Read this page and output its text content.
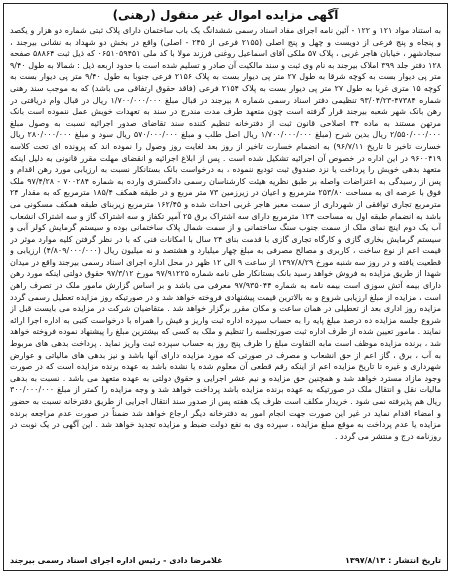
آگهی مزایده اموال غیر منقول (رهنی)

به استناد مواد ۱۲۱ و ۱۲۲ - آئین نامه اجرای مفاد اسناد رسمی ششدانگ یک باب ساختمان دارای پلاک ثبتی شماره دو هزار و یکصد و پنجاه و پنج فرعی از دویست و چهل و پنج اصلی (۲۱۵۵ فرعی از ۲۴۵ - اصلی) واقع در بخش دو شهداد به نشانی بیرجند ، سجادشهر ، خیابان هاجر غربی ، پلاک ۵۷ ملکی آقای اسماعیل روغنی فرزند مولا با کد ملی ۰۶۵۱۰۵۹۴۵۱ که ذیل ثبت ۵۸۸۶۴ صفحه ۱۲۸ دفتر جلد ۳۹۹ املاک بیرجند به نام وی ثبت و سند مالکیت آن صادر و تسلیم شده است با حدود اربعه ذیل : شمالا به طول ۹/۴۰ متر پی دیوار بست به کوچه شرقا به طول ۲۷ متر پی دیوار بست به پلاک ۲۱۵۶ فرعی جنوبا به طول ۹/۴۰ متر پی دیوار بست به کوچه ۱۵ متری غربا به طول ۲۷ متر پی دیوار بست به پلاک ۲۱۵۴ فرعی (فاقد حقوق ارتفاقی می باشد) که به موجب سند رهنی شماره ۴۷۳۸۴-۹۳/۰۴/۲۳ تنظیمی دفتر اسناد رسمی شماره ۸ بیرجند در قبال مبلغ ۱/۷۰۰/۰۰۰/۰۰۰ ریال در قبال وام دریافتی در رهن بانک شهر شعبه بیرجند قرار گرفته است چون متعهد طرف مدت مندرج در سند به تعهدات خویش عمل ننموده است بانک مرتهن مستند به ماده ۳۴ اصلاحی قانون ثبت از دفترخانه تنظیم کننده سند تقاضای صدور اجرائیه نسبت به وصول مبلغ ۲/۵۵۰/۰۰۰/۰۰۰ ریال بدین شرح (مبلغ ۱/۷۰۰/۰۰۰/۰۰۰ ریال اصل طلب و مبلغ ۵۷۰/۰۰۰/۰۰۰ ریال سود و مبلغ ۲۸۰/۰۰۰/۰۰۰ ریال خسارت تاخیر تا تاریخ ۹۶/۷/۱۱) به انضمام خسارت تاخیر از روز بعد لغایت روز وصول را نموده اند که پرونده ای تحت کلاسه ۹۶۰۰۴۱۹ در این اداره در خصوص آن اجرائیه تشکیل شده است . پس از ابلاغ اجرائیه و انقضای مهلت مقرر قانونی به دلیل اینکه متعهد بدهی خویش را پرداخت یا نزد صندوق ثبت تودیع ننموده ، به درخواست بانک بستانکار نسبت به ارزیابی مورد رهن اقدام و پس از رسیدگی به اعتراضات واصله بر طبق نظریه هیئت کارشناسان رسمی دادگستری وارده به شماره ۷۰۰۲۸۴ - ۹۷/۴/۲۸ ملک فوق با عرصه ای به مساحت ۲۵۳/۸۰ مترمربع و اعیان در زیرزمین ۷۳ متر مربع و در طبقه همکف ۱۸۵/۴ مترمربع که به مقدار ۲۴ مترمربع تجاری توافقی از شهرداری از سمت معبر هاجر غربی احداث شده و ۱۶۲/۴۵ مترمربع زیربنای طبقه همکف مسکونی می باشد به انضمام طبقه اول به مساحت ۱۲۴ مترمربع دارای سه اشتراک برق ۲۵ آمپر تکفاز و سه اشتراک گاز و سه اشتراک انشعاب آب یک دوم اینچ نمای ملک از سمت جنوب سنگ ساختمانی و از سمت شمال پلاک ساختمانی بوده و سیستم گرمایش کولر آبی و سیستم گرمایش بخاری گازی و کارگاه تجاری گازی با قدمت بنای ۲۴ سال با امکانات فنی که با در نظر گرفتن کلیه موارد موثر در قیمت اعم از نوع ساخت ، کاربری و مصالح مصرفی به مبلغ چهار میلیارد و هشتصد و نه میلیون ریال (۴/۸۰۹/۰۰۰/۰۰۰) ارزیابی و قطعیت یافته و در روز سه شنبه مورخ ۱۳۹۷/۸/۲۹ از ساعت ۹ الی ۱۲ ظهر در محل اداره اجرای اسناد رسمی بیرجند واقع در میدان شهدا از طریق مزایده به فروش خواهد رسید بانک بستانکار طی نامه شماره ۹۷/۹۱۲۲۵ مورخ ۹۷/۳/۱۲ حقوق دولتی اینکه مورد رهن دارای بیمه آتش سوزی است بیمه نامه به شماره ۹۷/۹۳۵۰۴۴ معرفی می باشد و بر اساس گزارش مامور ملک در تصرف راهن است ، مزایده از مبلغ ارزیابی شروع و به بالاترین قیمت پیشنهادی فروخته خواهد شد و در صورتیکه روز مزایده تعطیل رسمی گردد مزایده روز اداری بعد از تعطیلی در همان ساعت و مکان مقرر برگزار خواهد شد . متقاضیان شرکت در مزایده می بایست قبل از شروع جلسه مزایده ده درصد مبلغ پایه را به حساب سپرده اداره ثبت واریز و فیش را همراه با درخواست کتبی به اداره اجرا ارائه نمایند . مامور تعیین شده از طرف اداره ثبت صورتجلسه را تنظیم و ملک به کسی که بیشترین مبلغ را پیشنهاد نموده فروخته خواهد شد ، برنده مزایده موظف است مابه التفاوت مبلغ را ظرف پنج روز به حساب سپرده ثبت واریز نماید . پرداخت بدهی های مربوط به آب ، برق ، گاز اعم از حق انشعاب و مصرف در صورتی که مورد مزایده دارای آنها باشد و نیز بدهی های مالیاتی و عوارض شهرداری و غیره تا تاریخ مزایده اعم از اینکه رقم قطعی آن معلوم شده یا نشده باشد به عهده برنده مزایده است که در صورت وجود مازاد مسترد خواهد شد و همچنین حق مزایده و نیم عشر اجرایی و حقوق دولتی به عهده متعهد می باشد . نسبت به بدهی مالیات نقل و انتقال ملک در صورتیکه به عهده برنده مزایده باشد پرداخت خواهد شد و وجه مزایده را کمتر از مبلغ ۳۰۰/۰۰۰/۰۰۰ ریال هم پذیرفته نمی شود . خریدار مکلف است ظرف یک هفته پس از صدور سند انتقال اجرایی از طریق دفترخانه نسبت به حضور و امضاء اقدام نماید در غیر این صورت جهت انجام امور به دفترخانه دیگر ارجاع خواهد شد ضمناً در صورت عدم مراجعه برنده مزایده یا عدم پرداخت به موقع مبلغ مزایده ، سپرده وی به نفع دولت ضبط و مزایده تجدید خواهد شد . این آگهی در یک نوبت در روزنامه درج و منتشر می گردد .

تاریخ انتشار :
۱۳۹۷/۸/۱۳
غلامرضا دادی - رئیس اداره اجرای اسناد رسمی بیرجند
